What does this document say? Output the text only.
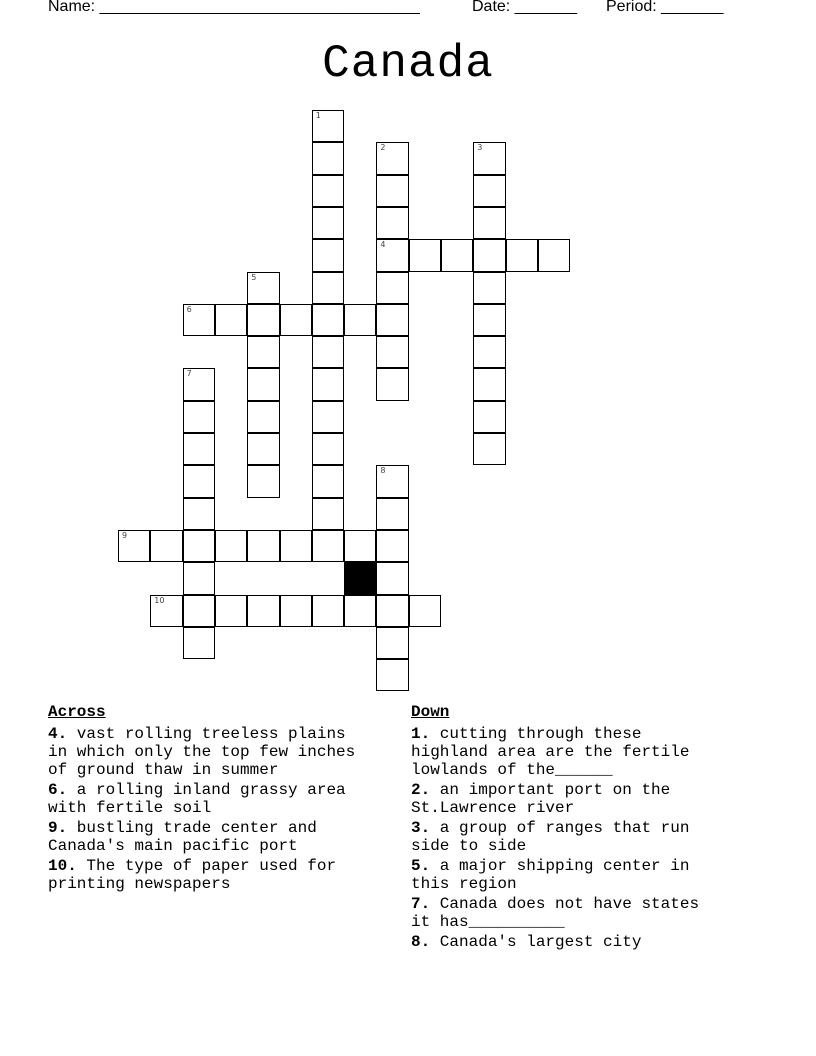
Name: ____________________________________	Date: _______ Period: _______
Canada
1
2
4
3
5
6
7
8
9
10
Across
4. vast rolling treeless plains
in which only the top few inches
of ground thaw in summer
6. a rolling inland grassy area
with fertile soil
9. bustling trade center and
Canada's main pacific port
10. The type of paper used for
printing newspapers
Down
1. cutting through these
highland area are the fertile
lowlands of the______
2. an important port on the
St.Lawrence river
3. a group of ranges that run
side to side
5. a major shipping center in
this region
7. Canada does not have states
it has__________
8. Canada's largest city
